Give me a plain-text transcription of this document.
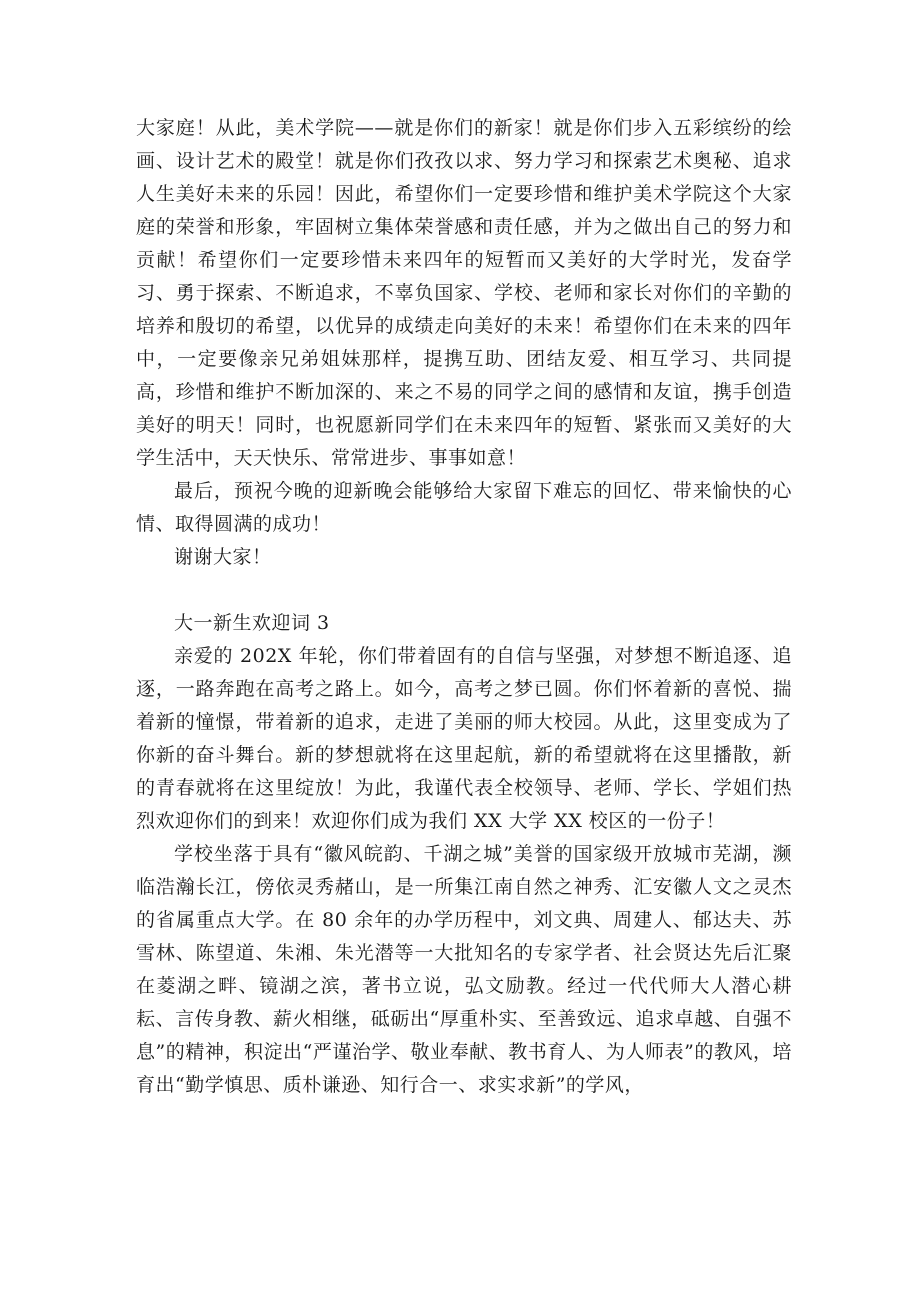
大家庭！从此，美术学院——就是你们的新家！就是你们步入五彩缤纷的绘画、设计艺术的殿堂！就是你们孜孜以求、努力学习和探索艺术奥秘、追求人生美好未来的乐园！因此，希望你们一定要珍惜和维护美术学院这个大家庭的荣誉和形象，牢固树立集体荣誉感和责任感，并为之做出自己的努力和贡献！希望你们一定要珍惜未来四年的短暂而又美好的大学时光，发奋学习、勇于探索、不断追求，不辜负国家、学校、老师和家长对你们的辛勤的培养和殷切的希望，以优异的成绩走向美好的未来！希望你们在未来的四年中，一定要像亲兄弟姐妹那样，提携互助、团结友爱、相互学习、共同提高，珍惜和维护不断加深的、来之不易的同学之间的感情和友谊，携手创造美好的明天！同时，也祝愿新同学们在未来四年的短暂、紧张而又美好的大学生活中，天天快乐、常常进步、事事如意！

最后，预祝今晚的迎新晚会能够给大家留下难忘的回忆、带来愉快的心情、取得圆满的成功！

谢谢大家！

大一新生欢迎词 3

亲爱的 202X 年轮，你们带着固有的自信与坚强，对梦想不断追逐、追逐，一路奔跑在高考之路上。如今，高考之梦已圆。你们怀着新的喜悦、揣着新的憧憬，带着新的追求，走进了美丽的师大校园。从此，这里变成为了你新的奋斗舞台。新的梦想就将在这里起航，新的希望就将在这里播散，新的青春就将在这里绽放！为此，我谨代表全校领导、老师、学长、学姐们热烈欢迎你们的到来！欢迎你们成为我们 XX 大学 XX 校区的一份子！

学校坐落于具有“徽风皖韵、千湖之城”美誉的国家级开放城市芜湖，濒临浩瀚长江，傍依灵秀赭山，是一所集江南自然之神秀、汇安徽人文之灵杰的省属重点大学。在 80 余年的办学历程中，刘文典、周建人、郁达夫、苏雪林、陈望道、朱湘、朱光潜等一大批知名的专家学者、社会贤达先后汇聚在菱湖之畔、镜湖之滨，著书立说，弘文励教。经过一代代师大人潜心耕耘、言传身教、薪火相继，砥砺出“厚重朴实、至善致远、追求卓越、自强不息”的精神，积淀出“严谨治学、敬业奉献、教书育人、为人师表”的教风，培育出“勤学慎思、质朴谦逊、知行合一、求实求新”的学风，
